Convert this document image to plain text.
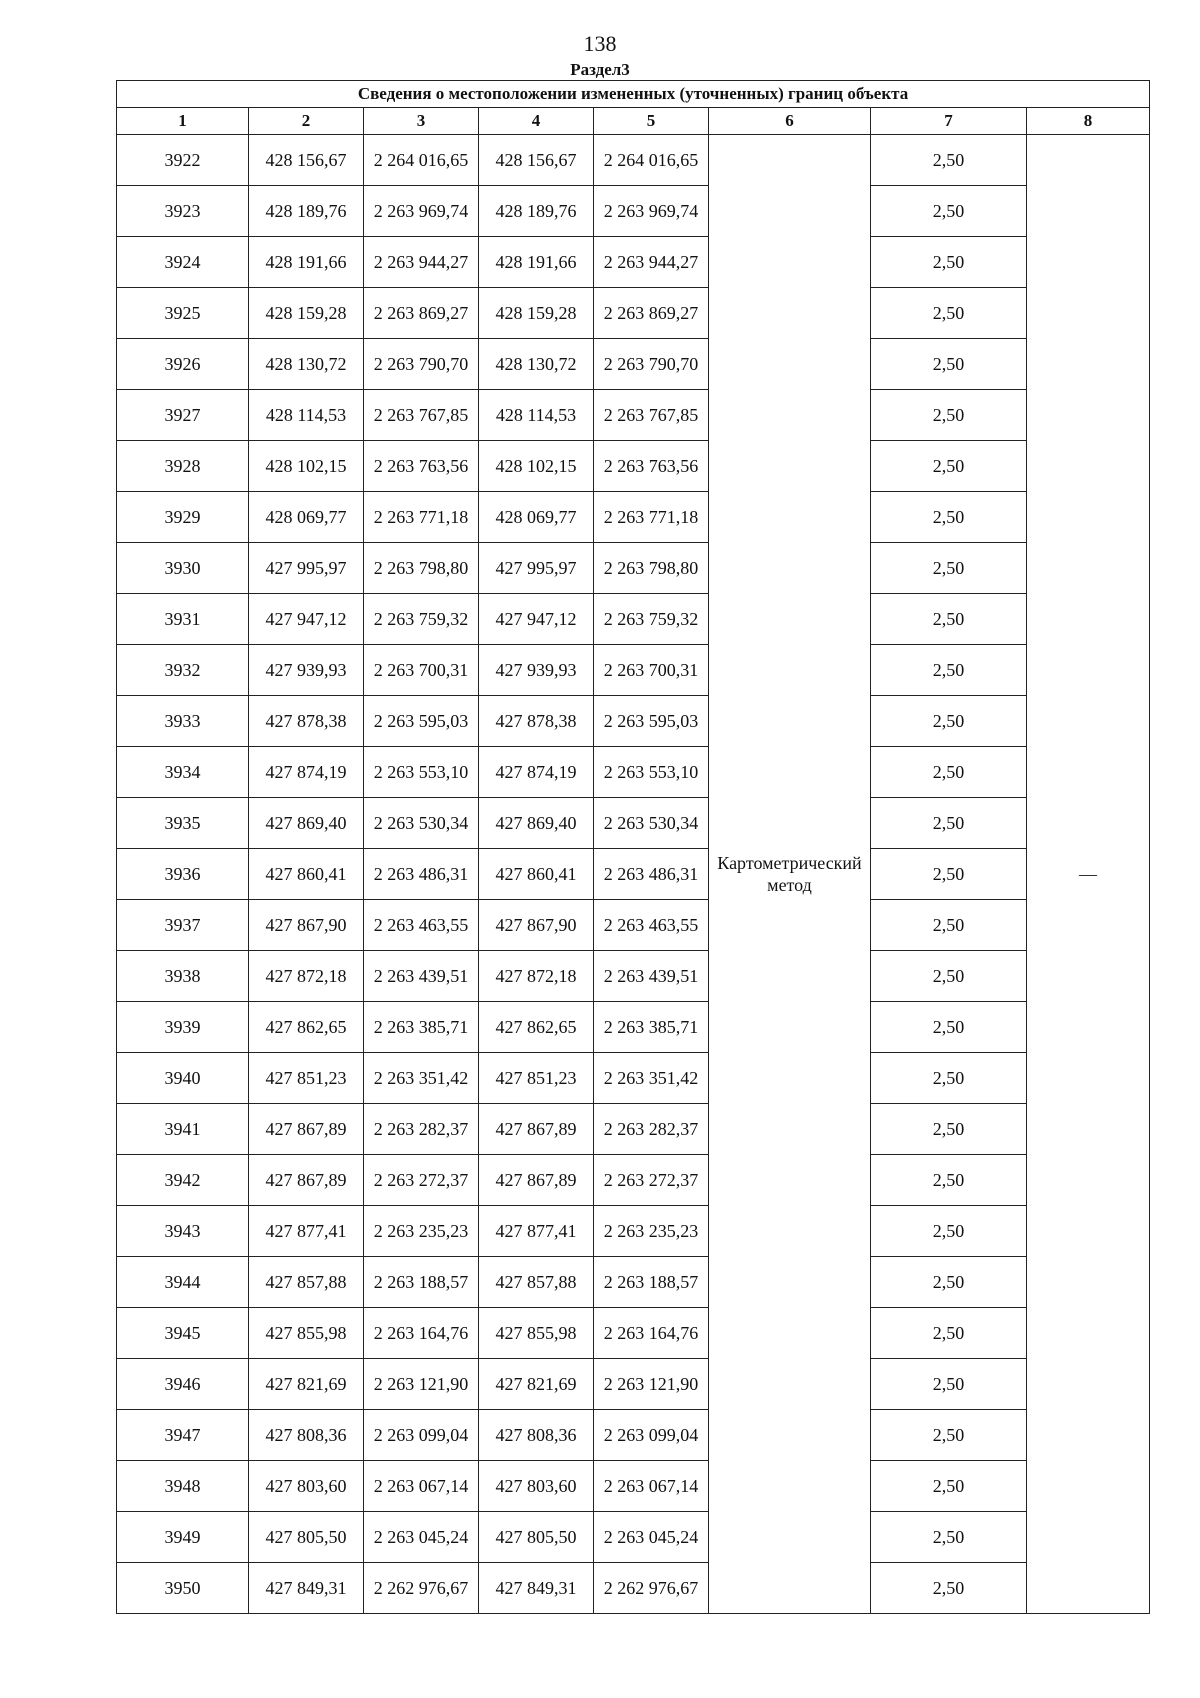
138
Раздел3
Сведения о местоположении измененных (уточненных) границ объекта							
1	2	3	4	5	6	7	8
3922	428 156,67	2 264 016,65	428 156,67	2 264 016,65	Картометрический метод	2,50	—
3923	428 189,76	2 263 969,74	428 189,76	2 263 969,74		2,50	
3924	428 191,66	2 263 944,27	428 191,66	2 263 944,27		2,50	
3925	428 159,28	2 263 869,27	428 159,28	2 263 869,27		2,50	
3926	428 130,72	2 263 790,70	428 130,72	2 263 790,70		2,50	
3927	428 114,53	2 263 767,85	428 114,53	2 263 767,85		2,50	
3928	428 102,15	2 263 763,56	428 102,15	2 263 763,56		2,50	
3929	428 069,77	2 263 771,18	428 069,77	2 263 771,18		2,50	
3930	427 995,97	2 263 798,80	427 995,97	2 263 798,80		2,50	
3931	427 947,12	2 263 759,32	427 947,12	2 263 759,32		2,50	
3932	427 939,93	2 263 700,31	427 939,93	2 263 700,31		2,50	
3933	427 878,38	2 263 595,03	427 878,38	2 263 595,03		2,50	
3934	427 874,19	2 263 553,10	427 874,19	2 263 553,10		2,50	
3935	427 869,40	2 263 530,34	427 869,40	2 263 530,34		2,50	
3936	427 860,41	2 263 486,31	427 860,41	2 263 486,31		2,50	
3937	427 867,90	2 263 463,55	427 867,90	2 263 463,55		2,50	
3938	427 872,18	2 263 439,51	427 872,18	2 263 439,51		2,50	
3939	427 862,65	2 263 385,71	427 862,65	2 263 385,71		2,50	
3940	427 851,23	2 263 351,42	427 851,23	2 263 351,42		2,50	
3941	427 867,89	2 263 282,37	427 867,89	2 263 282,37		2,50	
3942	427 867,89	2 263 272,37	427 867,89	2 263 272,37		2,50	
3943	427 877,41	2 263 235,23	427 877,41	2 263 235,23		2,50	
3944	427 857,88	2 263 188,57	427 857,88	2 263 188,57		2,50	
3945	427 855,98	2 263 164,76	427 855,98	2 263 164,76		2,50	
3946	427 821,69	2 263 121,90	427 821,69	2 263 121,90		2,50	
3947	427 808,36	2 263 099,04	427 808,36	2 263 099,04		2,50	
3948	427 803,60	2 263 067,14	427 803,60	2 263 067,14		2,50	
3949	427 805,50	2 263 045,24	427 805,50	2 263 045,24		2,50	
3950	427 849,31	2 262 976,67	427 849,31	2 262 976,67		2,50	
